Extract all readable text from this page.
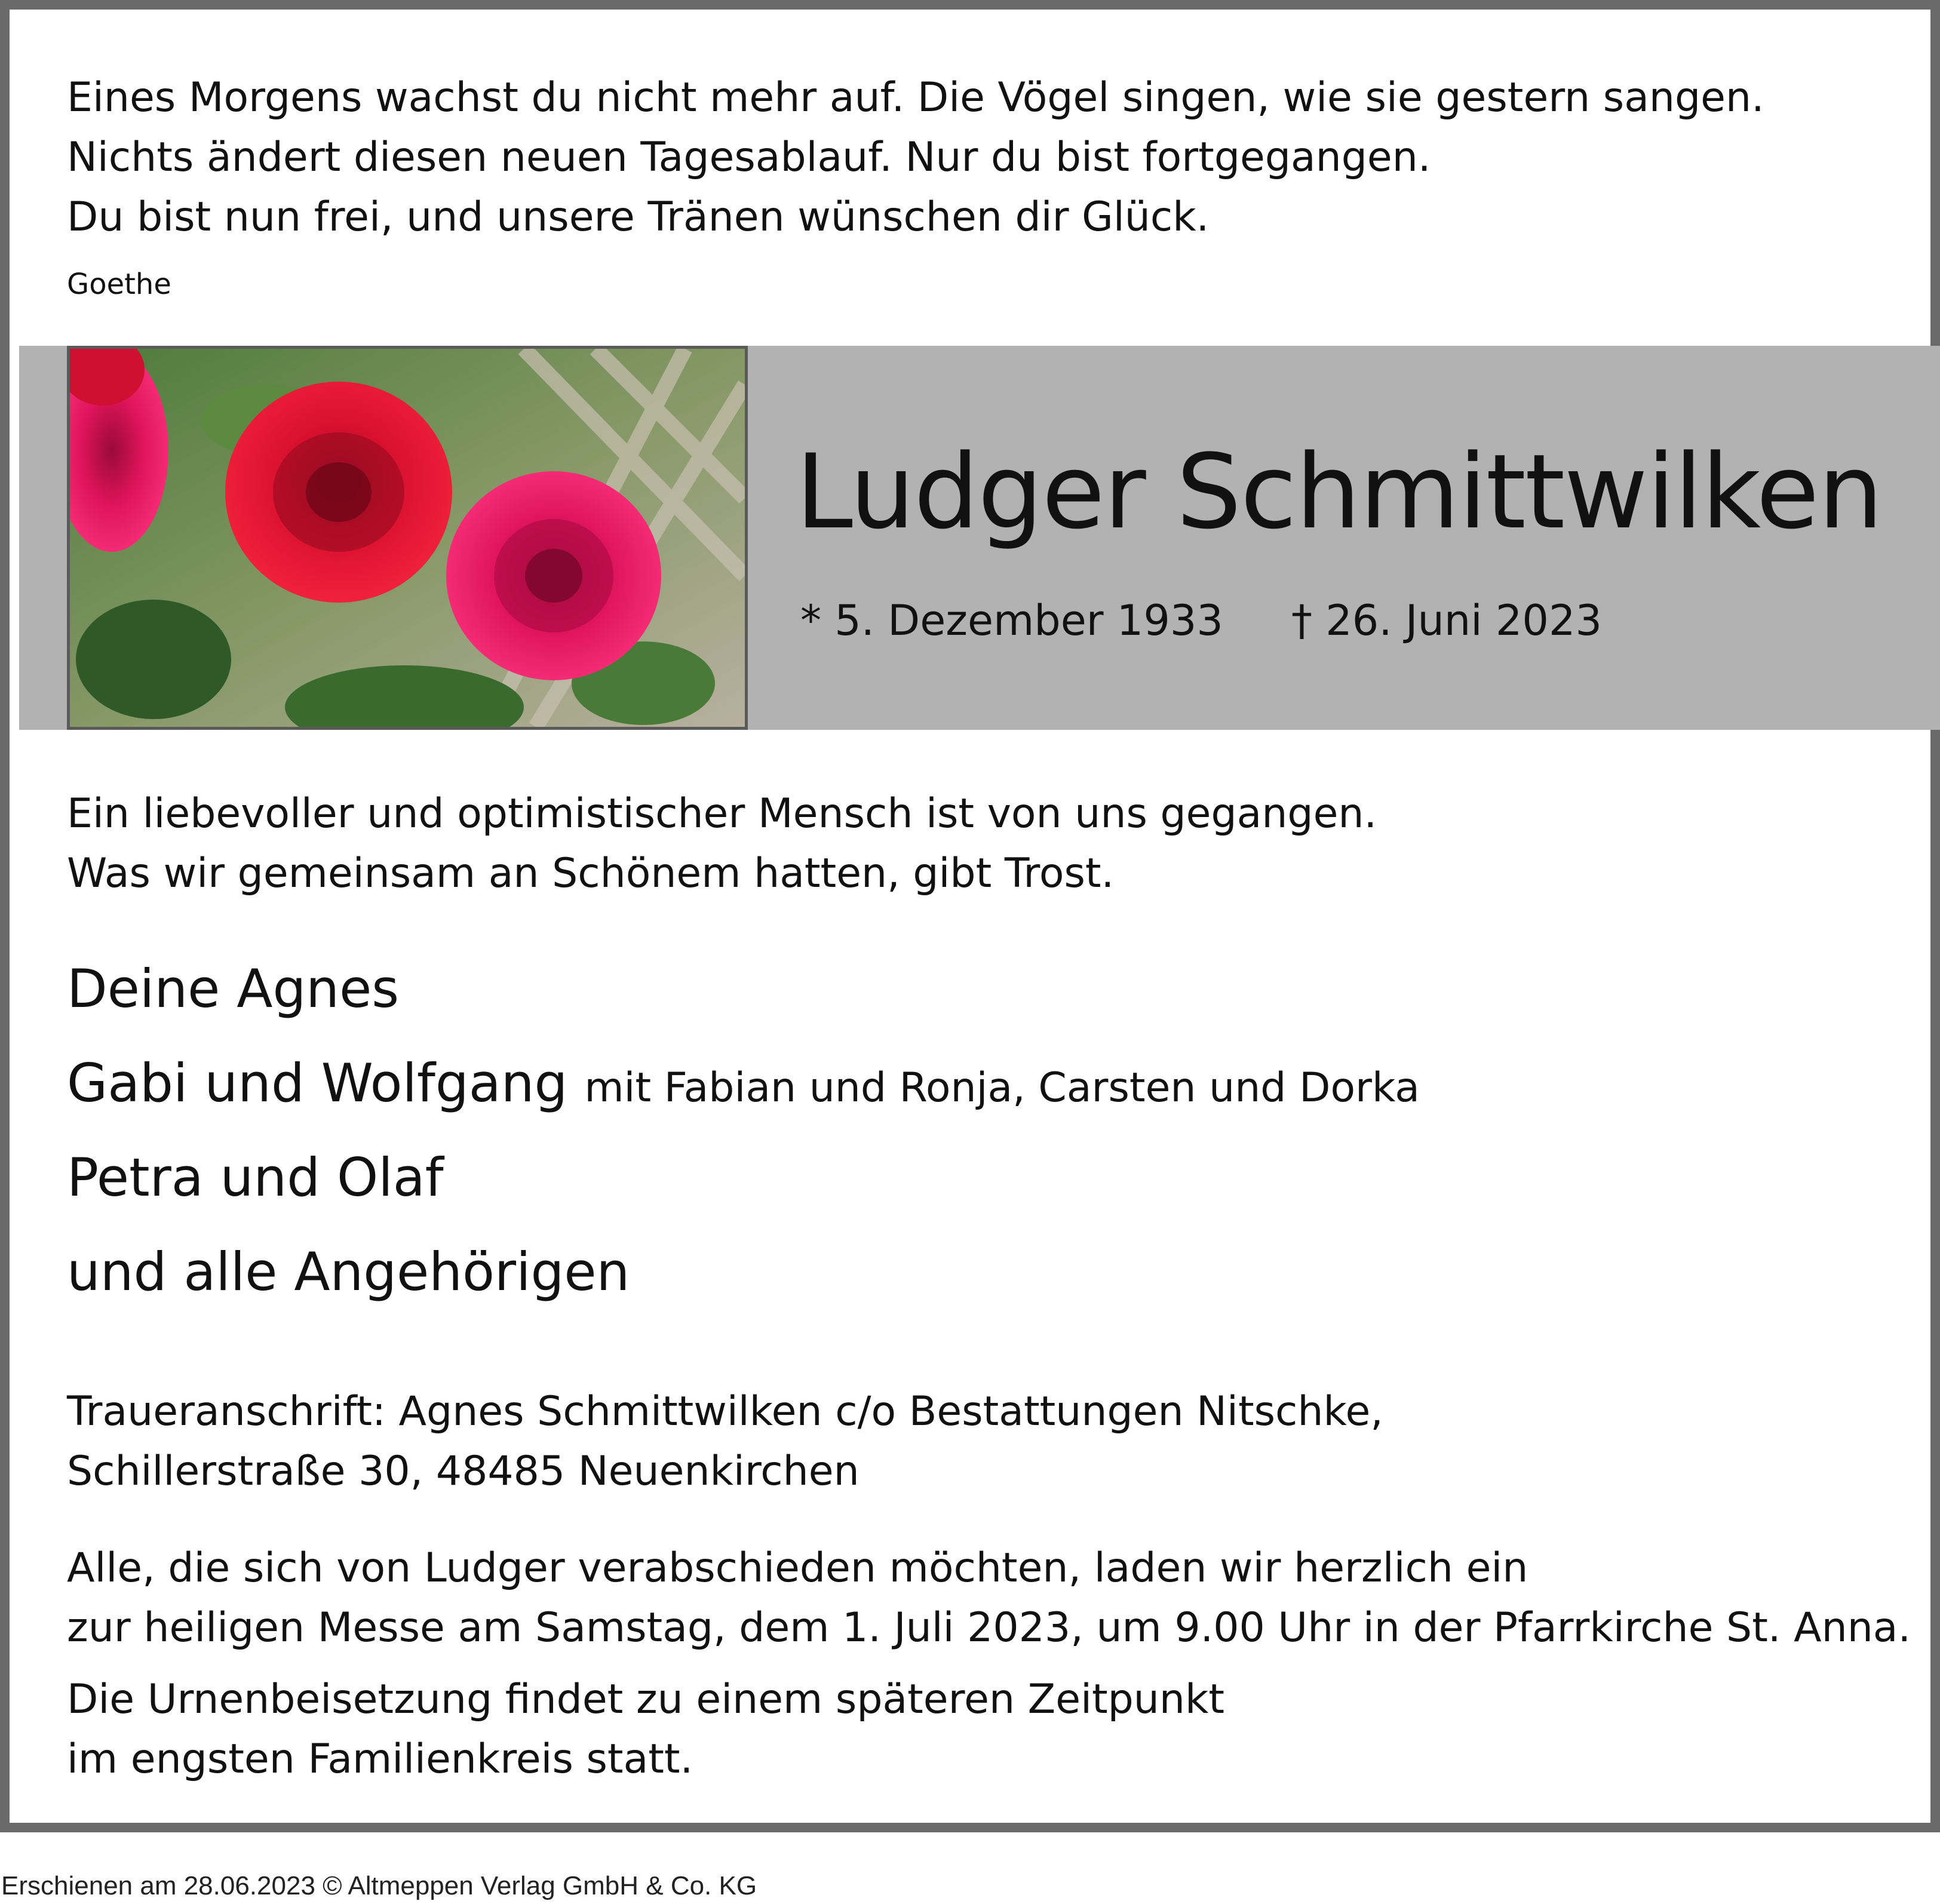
Eines Morgens wachst du nicht mehr auf. Die Vögel singen, wie sie gestern sangen.
Nichts ändert diesen neuen Tagesablauf. Nur du bist fortgegangen.
Du bist nun frei, und unsere Tränen wünschen dir Glück.

Goethe
Ludger Schmittwilken
* 5. Dezember 1933 † 26. Juni 2023

Ein liebevoller und optimistischer Mensch ist von uns gegangen.
Was wir gemeinsam an Schönem hatten, gibt Trost.

Deine Agnes
Gabi und Wolfgang mit Fabian und Ronja, Carsten und Dorka
Petra und Olaf
und alle Angehörigen

Traueranschrift: Agnes Schmittwilken c/o Bestattungen Nitschke,
Schillerstraße 30, 48485 Neuenkirchen

Alle, die sich von Ludger verabschieden möchten, laden wir herzlich ein
zur heiligen Messe am Samstag, dem 1. Juli 2023, um 9.00 Uhr in der Pfarrkirche St. Anna.

Die Urnenbeisetzung findet zu einem späteren Zeitpunkt
im engsten Familienkreis statt.

Erschienen am 28.06.2023 © Altmeppen Verlag GmbH & Co. KG
